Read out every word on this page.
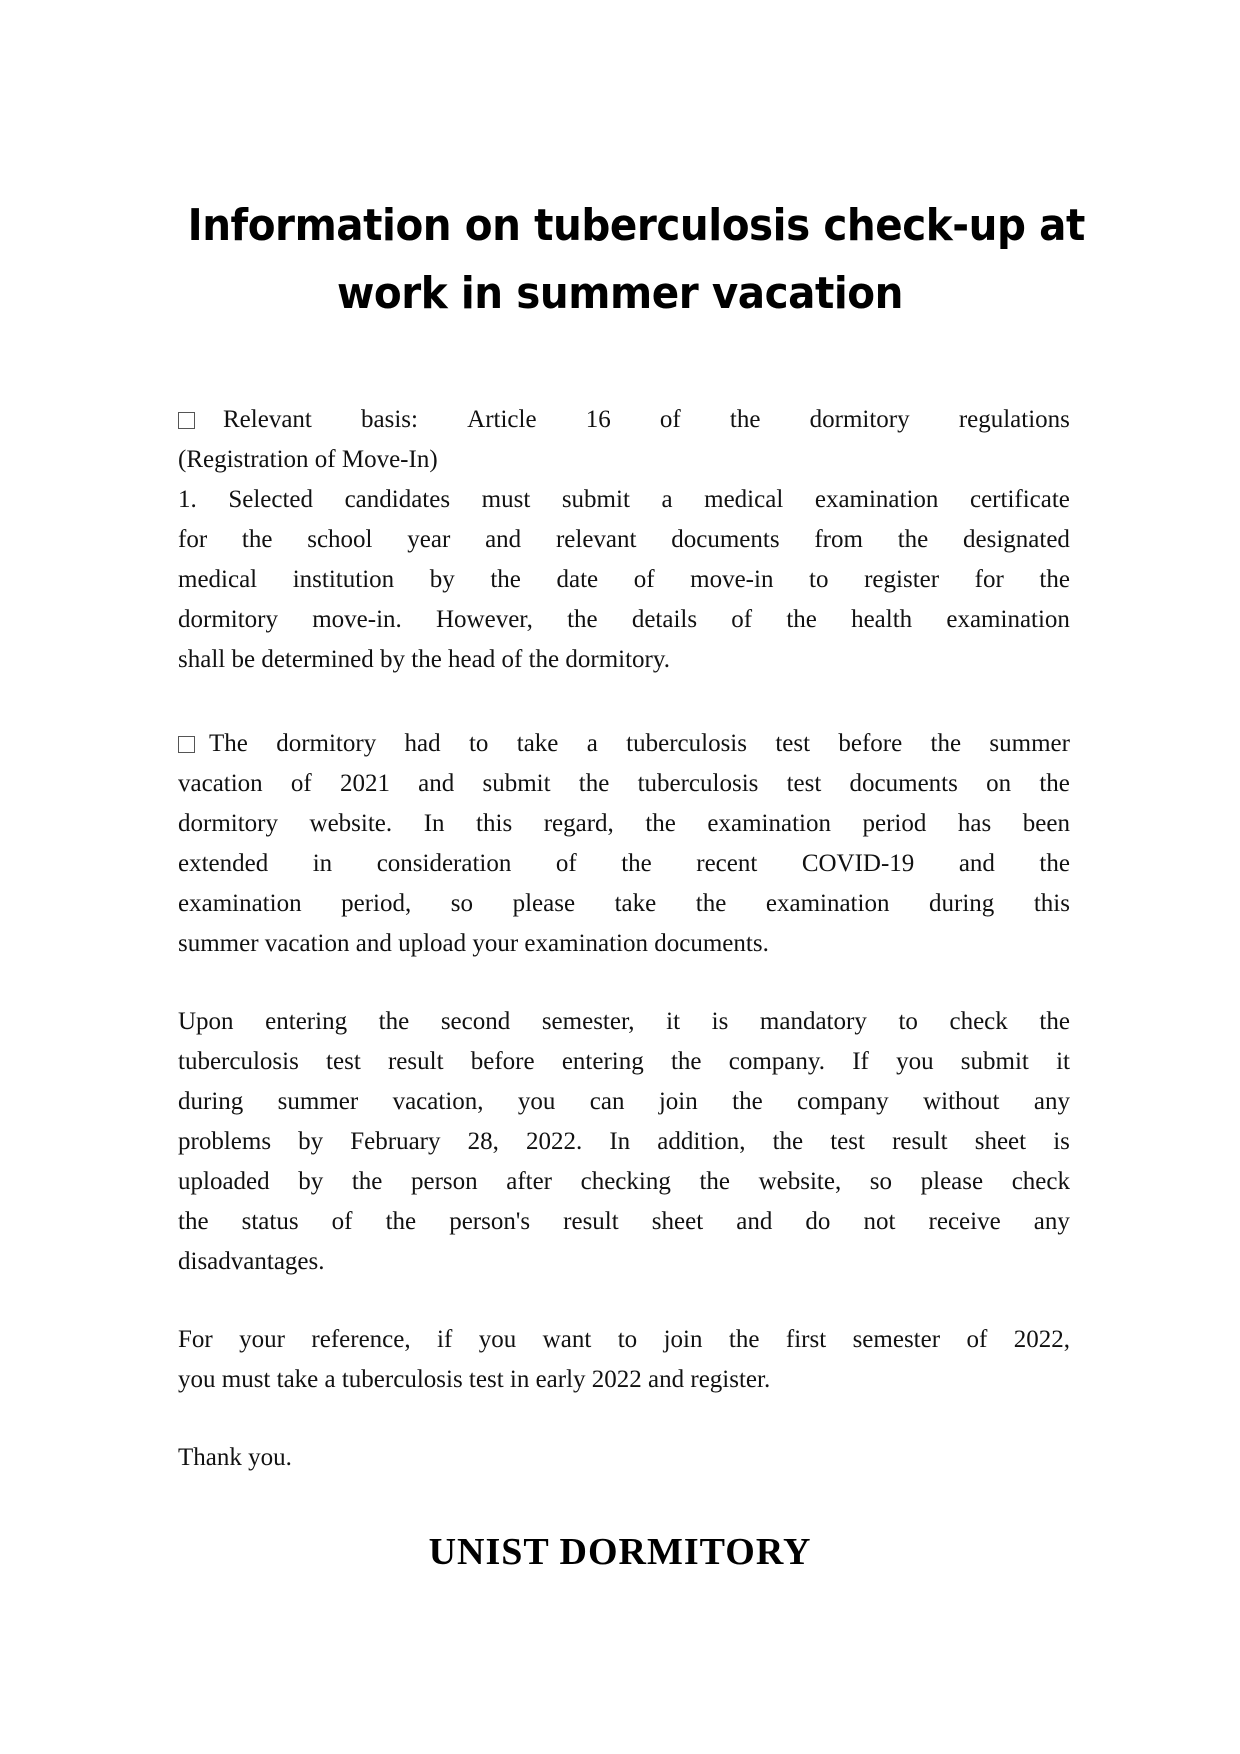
Information on tuberculosis check-up at
work in summer vacation
Relevant basis: Article 16 of the dormitory regulations
(Registration of Move-In)
1. Selected candidates must submit a medical examination certificate
for the school year and relevant documents from the designated
medical institution by the date of move-in to register for the
dormitory move-in. However, the details of the health examination
shall be determined by the head of the dormitory.
The dormitory had to take a tuberculosis test before the summer
vacation of 2021 and submit the tuberculosis test documents on the
dormitory website. In this regard, the examination period has been
extended in consideration of the recent COVID-19 and the
examination period, so please take the examination during this
summer vacation and upload your examination documents.
Upon entering the second semester, it is mandatory to check the
tuberculosis test result before entering the company. If you submit it
during summer vacation, you can join the company without any
problems by February 28, 2022. In addition, the test result sheet is
uploaded by the person after checking the website, so please check
the status of the person's result sheet and do not receive any
disadvantages.
For your reference, if you want to join the first semester of 2022,
you must take a tuberculosis test in early 2022 and register.
Thank you.
UNIST DORMITORY
